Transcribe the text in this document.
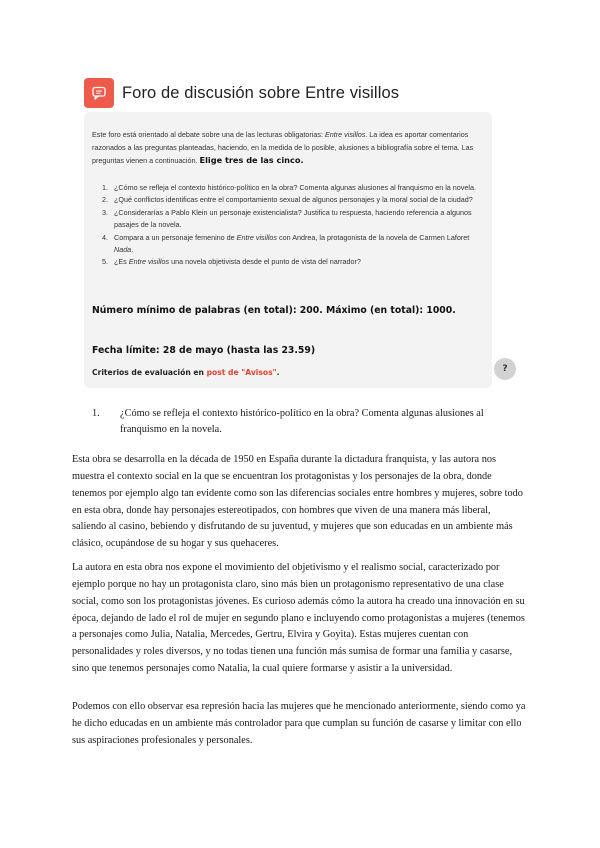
Foro de discusión sobre Entre visillos
Este foro está orientado al debate sobre una de las lecturas obligatorias: Entre visillos. La idea es aportar comentarios razonados a las preguntas planteadas, haciendo, en la medida de lo posible, alusiones a bibliografía sobre el tema. Las preguntas vienen a continuación. Elige tres de las cinco.
1. ¿Cómo se refleja el contexto histórico-político en la obra? Comenta algunas alusiones al franquismo en la novela.
2. ¿Qué conflictos identificas entre el comportamiento sexual de algunos personajes y la moral social de la ciudad?
3. ¿Considerarías a Pablo Klein un personaje existencialista? Justifica tu respuesta, haciendo referencia a algunos pasajes de la novela.
4. Compara a un personaje femenino de Entre visillos con Andrea, la protagonista de la novela de Carmen Laforet Nada.
5. ¿Es Entre visillos una novela objetivista desde el punto de vista del narrador?
Número mínimo de palabras (en total): 200. Máximo (en total): 1000.
Fecha límite: 28 de mayo (hasta las 23.59)
Criterios de evaluación en post de "Avisos".	?
1.	¿Cómo se refleja el contexto histórico-político en la obra? Comenta algunas alusiones al franquismo en la novela.

Esta obra se desarrolla en la década de 1950 en España durante la dictadura franquista, y las autora nos muestra el contexto social en la que se encuentran los protagonistas y los personajes de la obra, donde tenemos por ejemplo algo tan evidente como son las diferencias sociales entre hombres y mujeres, sobre todo en esta obra, donde hay personajes estereotipados, con hombres que viven de una manera más liberal, saliendo al casino, bebiendo y disfrutando de su juventud, y mujeres que son educadas en un ambiente más clásico, ocupándose de su hogar y sus quehaceres.

La autora en esta obra nos expone el movimiento del objetivismo y el realismo social, caracterizado por ejemplo porque no hay un protagonista claro, sino más bien un protagonismo representativo de una clase social, como son los protagonistas jóvenes. Es curioso además cómo la autora ha creado una innovación en su época, dejando de lado el rol de mujer en segundo plano e incluyendo como protagonistas a mujeres (tenemos a personajes como Julia, Natalia, Mercedes, Gertru, Elvira y Goyita). Estas mujeres cuentan con personalidades y roles diversos, y no todas tienen una función más sumisa de formar una familia y casarse, sino que tenemos personajes como Natalia, la cual quiere formarse y asistir a la universidad.

Podemos con ello observar esa represión hacia las mujeres que he mencionado anteriormente, siendo como ya he dicho educadas en un ambiente más controlador para que cumplan su función de casarse y limitar con ello sus aspiraciones profesionales y personales.
